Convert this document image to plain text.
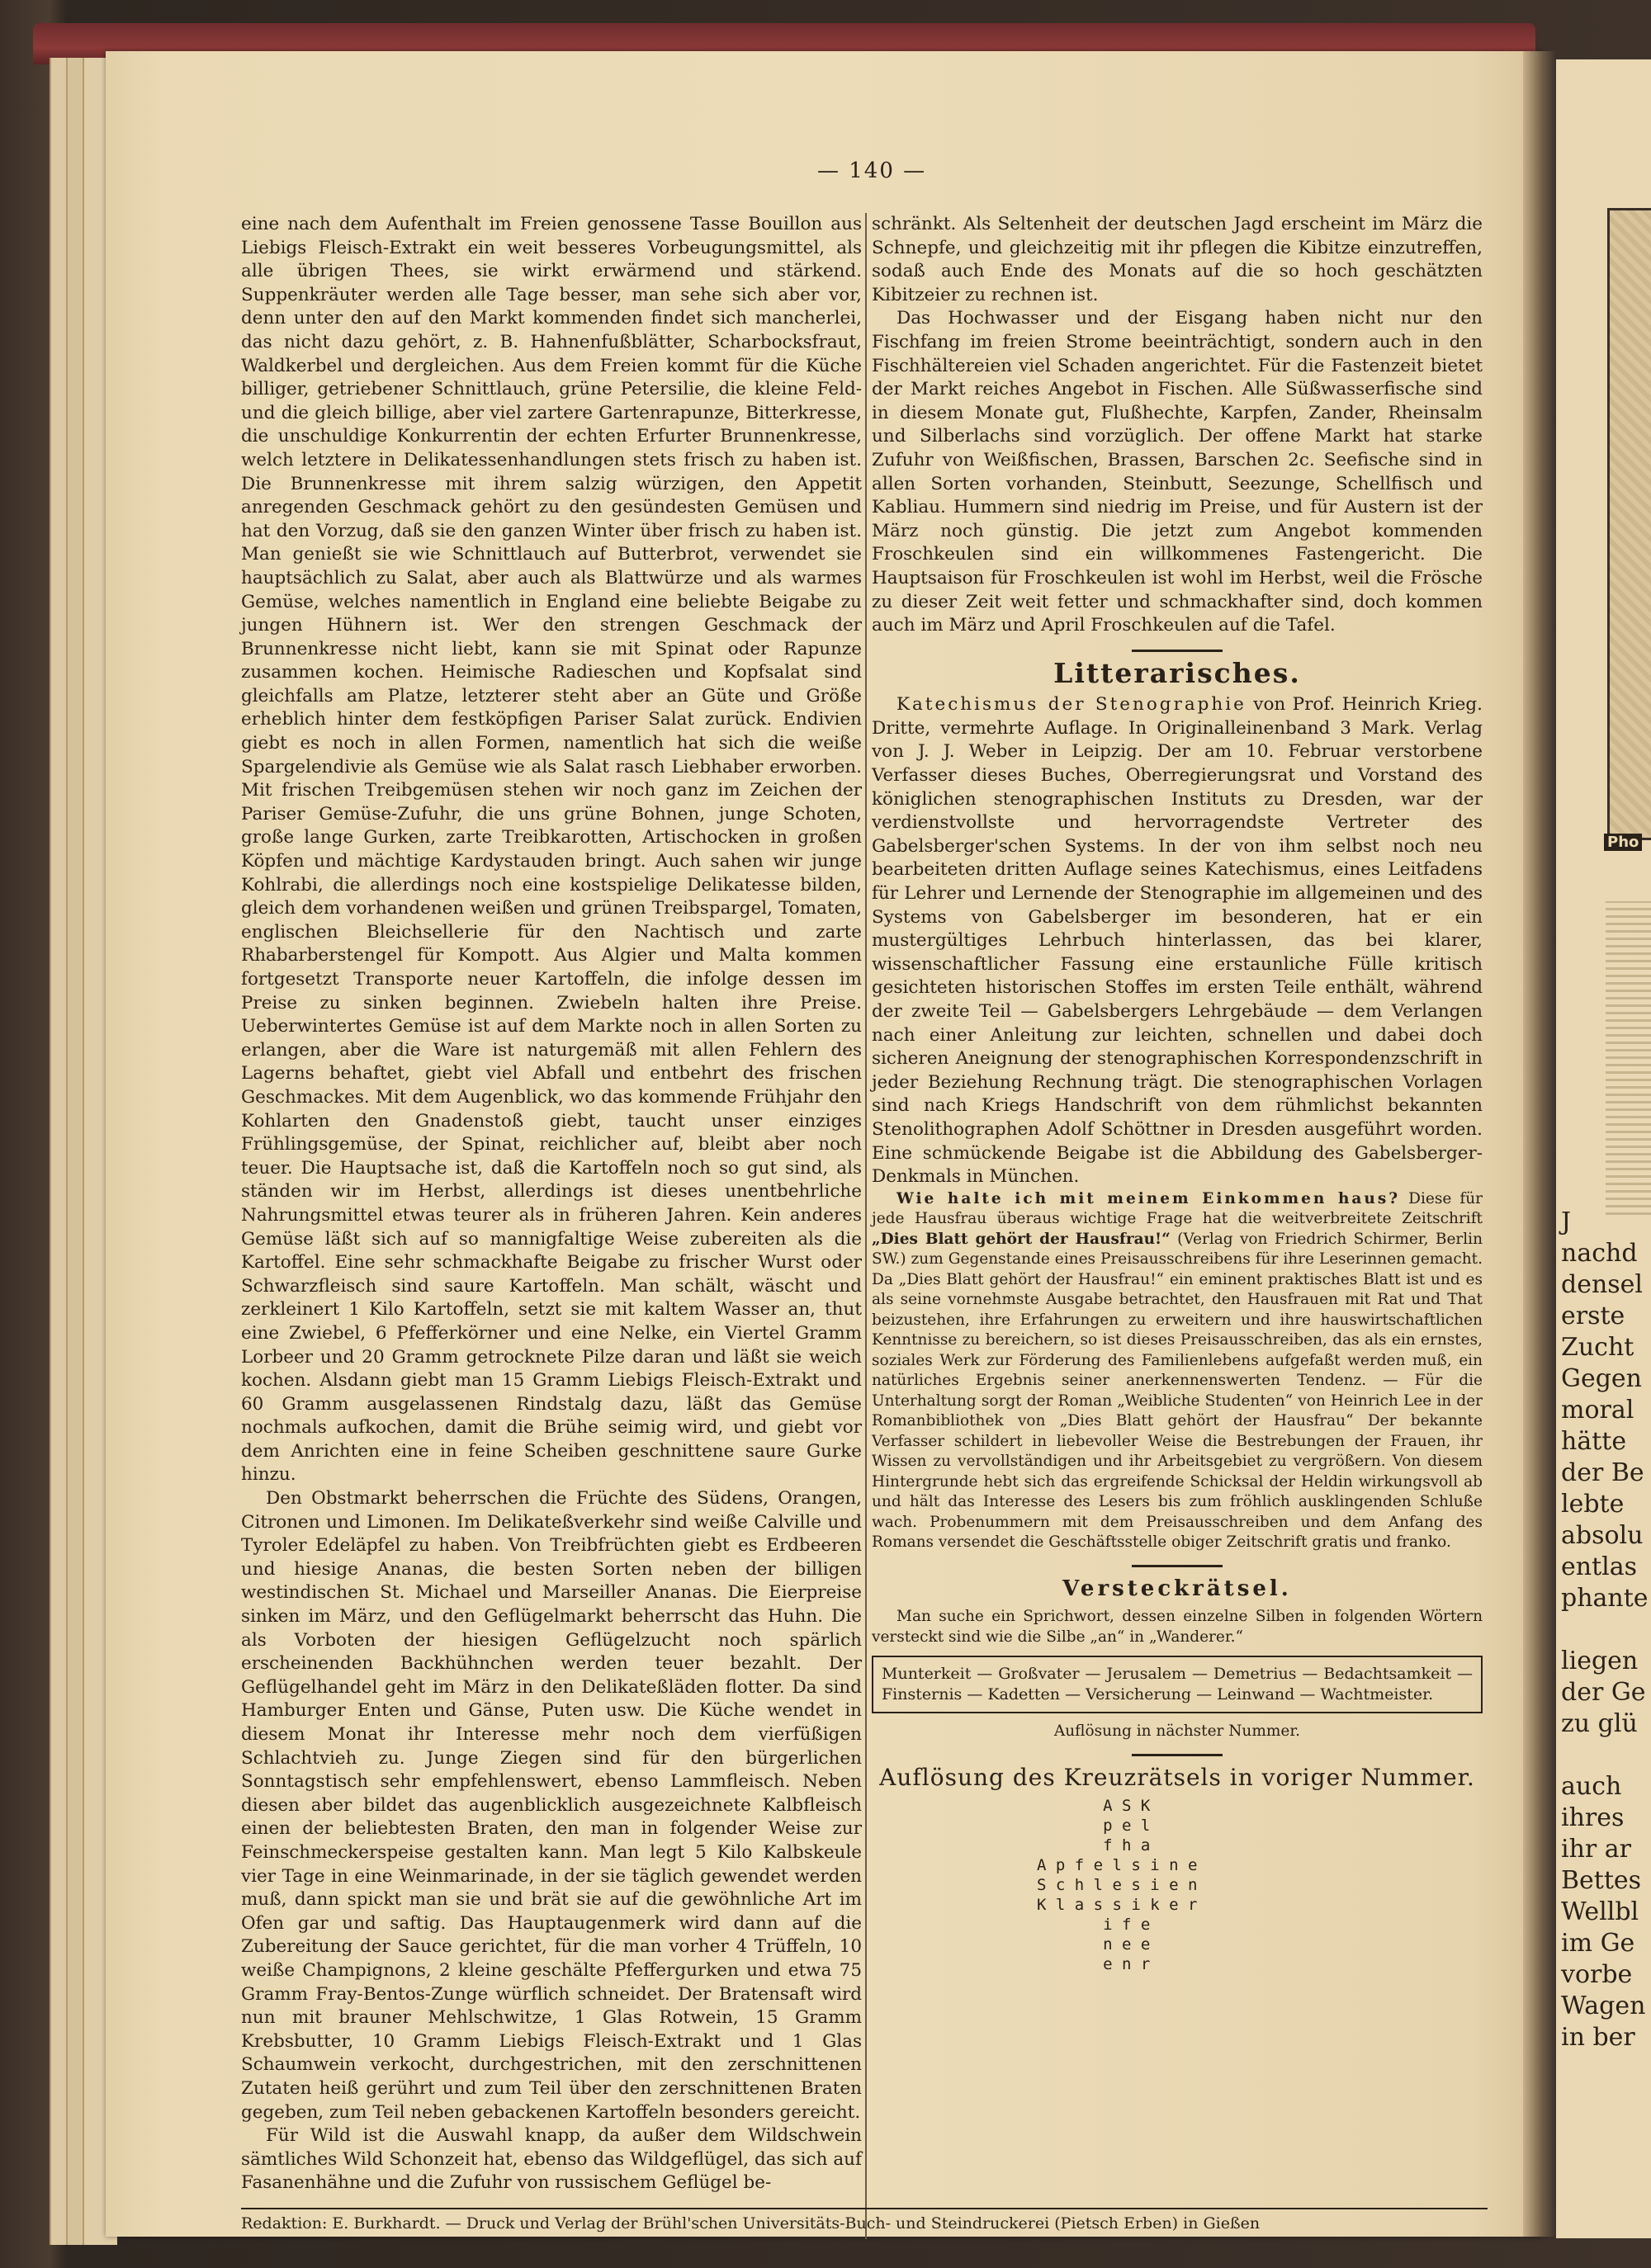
Pho
J
nachd
densel
erste
Zucht
Gegen
moral
hätte
der Be
lebte
absolu
entlas
phante
liegen
der Ge
zu glü
auch
ihres
ihr ar
Bettes
Wellbl
im Ge
vorbe
Wagen
in ber
— 140 —

eine nach dem Aufenthalt im Freien genossene Tasse Bouillon aus Liebigs Fleisch-Extrakt ein weit besseres Vorbeugungsmittel, als alle übrigen Thees, sie wirkt erwärmend und stärkend. Suppenkräuter werden alle Tage besser, man sehe sich aber vor, denn unter den auf den Markt kommenden findet sich mancherlei, das nicht dazu gehört, z. B. Hahnenfußblätter, Scharbocksfraut, Waldkerbel und dergleichen. Aus dem Freien kommt für die Küche billiger, getriebener Schnittlauch, grüne Petersilie, die kleine Feld- und die gleich billige, aber viel zartere Gartenrapunze, Bitterkresse, die unschuldige Konkurrentin der echten Erfurter Brunnenkresse, welch letztere in Delikatessenhandlungen stets frisch zu haben ist. Die Brunnenkresse mit ihrem salzig würzigen, den Appetit anregenden Geschmack gehört zu den gesündesten Gemüsen und hat den Vorzug, daß sie den ganzen Winter über frisch zu haben ist. Man genießt sie wie Schnittlauch auf Butterbrot, verwendet sie hauptsächlich zu Salat, aber auch als Blattwürze und als warmes Gemüse, welches namentlich in England eine beliebte Beigabe zu jungen Hühnern ist. Wer den strengen Geschmack der Brunnenkresse nicht liebt, kann sie mit Spinat oder Rapunze zusammen kochen. Heimische Radieschen und Kopfsalat sind gleichfalls am Platze, letzterer steht aber an Güte und Größe erheblich hinter dem festköpfigen Pariser Salat zurück. Endivien giebt es noch in allen Formen, namentlich hat sich die weiße Spargelendivie als Gemüse wie als Salat rasch Liebhaber erworben. Mit frischen Treibgemüsen stehen wir noch ganz im Zeichen der Pariser Gemüse-Zufuhr, die uns grüne Bohnen, junge Schoten, große lange Gurken, zarte Treibkarotten, Artischocken in großen Köpfen und mächtige Kardystauden bringt. Auch sahen wir junge Kohlrabi, die allerdings noch eine kostspielige Delikatesse bilden, gleich dem vorhandenen weißen und grünen Treibspargel, Tomaten, englischen Bleichsellerie für den Nachtisch und zarte Rhabarberstengel für Kompott. Aus Algier und Malta kommen fortgesetzt Transporte neuer Kartoffeln, die infolge dessen im Preise zu sinken beginnen. Zwiebeln halten ihre Preise. Ueberwintertes Gemüse ist auf dem Markte noch in allen Sorten zu erlangen, aber die Ware ist naturgemäß mit allen Fehlern des Lagerns behaftet, giebt viel Abfall und entbehrt des frischen Geschmackes. Mit dem Augenblick, wo das kommende Frühjahr den Kohlarten den Gnadenstoß giebt, taucht unser einziges Frühlingsgemüse, der Spinat, reichlicher auf, bleibt aber noch teuer. Die Hauptsache ist, daß die Kartoffeln noch so gut sind, als ständen wir im Herbst, allerdings ist dieses unentbehrliche Nahrungsmittel etwas teurer als in früheren Jahren. Kein anderes Gemüse läßt sich auf so mannigfaltige Weise zubereiten als die Kartoffel. Eine sehr schmackhafte Beigabe zu frischer Wurst oder Schwarzfleisch sind saure Kartoffeln. Man schält, wäscht und zerkleinert 1 Kilo Kartoffeln, setzt sie mit kaltem Wasser an, thut eine Zwiebel, 6 Pfefferkörner und eine Nelke, ein Viertel Gramm Lorbeer und 20 Gramm getrocknete Pilze daran und läßt sie weich kochen. Alsdann giebt man 15 Gramm Liebigs Fleisch-Extrakt und 60 Gramm ausgelassenen Rindstalg dazu, läßt das Gemüse nochmals aufkochen, damit die Brühe seimig wird, und giebt vor dem Anrichten eine in feine Scheiben geschnittene saure Gurke hinzu.

Den Obstmarkt beherrschen die Früchte des Südens, Orangen, Citronen und Limonen. Im Delikateßverkehr sind weiße Calville und Tyroler Edeläpfel zu haben. Von Treibfrüchten giebt es Erdbeeren und hiesige Ananas, die besten Sorten neben der billigen westindischen St. Michael und Marseiller Ananas. Die Eierpreise sinken im März, und den Geflügelmarkt beherrscht das Huhn. Die als Vorboten der hiesigen Geflügelzucht noch spärlich erscheinenden Backhühnchen werden teuer bezahlt. Der Geflügelhandel geht im März in den Delikateßläden flotter. Da sind Hamburger Enten und Gänse, Puten usw. Die Küche wendet in diesem Monat ihr Interesse mehr noch dem vierfüßigen Schlachtvieh zu. Junge Ziegen sind für den bürgerlichen Sonntagstisch sehr empfehlenswert, ebenso Lammfleisch. Neben diesen aber bildet das augenblicklich ausgezeichnete Kalbfleisch einen der beliebtesten Braten, den man in folgender Weise zur Feinschmeckerspeise gestalten kann. Man legt 5 Kilo Kalbskeule vier Tage in eine Weinmarinade, in der sie täglich gewendet werden muß, dann spickt man sie und brät sie auf die gewöhnliche Art im Ofen gar und saftig. Das Hauptaugenmerk wird dann auf die Zubereitung der Sauce gerichtet, für die man vorher 4 Trüffeln, 10 weiße Champignons, 2 kleine geschälte Pfeffergurken und etwa 75 Gramm Fray-Bentos-Zunge würflich schneidet. Der Bratensaft wird nun mit brauner Mehlschwitze, 1 Glas Rotwein, 15 Gramm Krebsbutter, 10 Gramm Liebigs Fleisch-Extrakt und 1 Glas Schaumwein verkocht, durchgestrichen, mit den zerschnittenen Zutaten heiß gerührt und zum Teil über den zerschnittenen Braten gegeben, zum Teil neben gebackenen Kartoffeln besonders gereicht.

Für Wild ist die Auswahl knapp, da außer dem Wildschwein sämtliches Wild Schonzeit hat, ebenso das Wildgeflügel, das sich auf Fasanenhähne und die Zufuhr von russischem Geflügel be-

schränkt. Als Seltenheit der deutschen Jagd erscheint im März die Schnepfe, und gleichzeitig mit ihr pflegen die Kibitze einzutreffen, sodaß auch Ende des Monats auf die so hoch geschätzten Kibitzeier zu rechnen ist.

Das Hochwasser und der Eisgang haben nicht nur den Fischfang im freien Strome beeinträchtigt, sondern auch in den Fischhältereien viel Schaden angerichtet. Für die Fastenzeit bietet der Markt reiches Angebot in Fischen. Alle Süßwasserfische sind in diesem Monate gut, Flußhechte, Karpfen, Zander, Rheinsalm und Silberlachs sind vorzüglich. Der offene Markt hat starke Zufuhr von Weißfischen, Brassen, Barschen 2c. Seefische sind in allen Sorten vorhanden, Steinbutt, Seezunge, Schellfisch und Kabliau. Hummern sind niedrig im Preise, und für Austern ist der März noch günstig. Die jetzt zum Angebot kommenden Froschkeulen sind ein willkommenes Fastengericht. Die Hauptsaison für Froschkeulen ist wohl im Herbst, weil die Frösche zu dieser Zeit weit fetter und schmackhafter sind, doch kommen auch im März und April Froschkeulen auf die Tafel.

Litterarisches.

Katechismus der Stenographie von Prof. Heinrich Krieg. Dritte, vermehrte Auflage. In Originalleinenband 3 Mark. Verlag von J. J. Weber in Leipzig. Der am 10. Februar verstorbene Verfasser dieses Buches, Oberregierungsrat und Vorstand des königlichen stenographischen Instituts zu Dresden, war der verdienstvollste und hervorragendste Vertreter des Gabelsberger'schen Systems. In der von ihm selbst noch neu bearbeiteten dritten Auflage seines Katechismus, eines Leitfadens für Lehrer und Lernende der Stenographie im allgemeinen und des Systems von Gabelsberger im besonderen, hat er ein mustergültiges Lehrbuch hinterlassen, das bei klarer, wissenschaftlicher Fassung eine erstaunliche Fülle kritisch gesichteten historischen Stoffes im ersten Teile enthält, während der zweite Teil — Gabelsbergers Lehrgebäude — dem Verlangen nach einer Anleitung zur leichten, schnellen und dabei doch sicheren Aneignung der stenographischen Korrespondenzschrift in jeder Beziehung Rechnung trägt. Die stenographischen Vorlagen sind nach Kriegs Handschrift von dem rühmlichst bekannten Stenolithographen Adolf Schöttner in Dresden ausgeführt worden. Eine schmückende Beigabe ist die Abbildung des Gabelsberger-Denkmals in München.

Wie halte ich mit meinem Einkommen haus? Diese für jede Hausfrau überaus wichtige Frage hat die weitverbreitete Zeitschrift „Dies Blatt gehört der Hausfrau!“ (Verlag von Friedrich Schirmer, Berlin SW.) zum Gegenstande eines Preisausschreibens für ihre Leserinnen gemacht. Da „Dies Blatt gehört der Hausfrau!“ ein eminent praktisches Blatt ist und es als seine vornehmste Ausgabe betrachtet, den Hausfrauen mit Rat und That beizustehen, ihre Erfahrungen zu erweitern und ihre hauswirtschaftlichen Kenntnisse zu bereichern, so ist dieses Preisausschreiben, das als ein ernstes, soziales Werk zur Förderung des Familienlebens aufgefaßt werden muß, ein natürliches Ergebnis seiner anerkennenswerten Tendenz. — Für die Unterhaltung sorgt der Roman „Weibliche Studenten“ von Heinrich Lee in der Romanbibliothek von „Dies Blatt gehört der Hausfrau“ Der bekannte Verfasser schildert in liebevoller Weise die Bestrebungen der Frauen, ihr Wissen zu vervollständigen und ihr Arbeitsgebiet zu vergrößern. Von diesem Hintergrunde hebt sich das ergreifende Schicksal der Heldin wirkungsvoll ab und hält das Interesse des Lesers bis zum fröhlich ausklingenden Schluße wach. Probenummern mit dem Preisausschreiben und dem Anfang des Romans versendet die Geschäftsstelle obiger Zeitschrift gratis und franko.

Versteckrätsel.

Man suche ein Sprichwort, dessen einzelne Silben in folgenden Wörtern versteckt sind wie die Silbe „an“ in „Wanderer.“

Munterkeit — Großvater — Jerusalem — Demetrius — Bedachtsamkeit — Finsternis — Kadetten — Versicherung — Leinwand — Wachtmeister.
Auflösung in nächster Nummer.
Auflösung des Kreuzrätsels in voriger Nummer.
A S K
p e l
f h a
A p f e l s i n e
S c h l e s i e n
K l a s s i k e r
i f e
n e e
e n r
Redaktion: E. Burkhardt. — Druck und Verlag der Brühl'schen Universitäts-Buch- und Steindruckerei (Pietsch Erben) in Gießen
